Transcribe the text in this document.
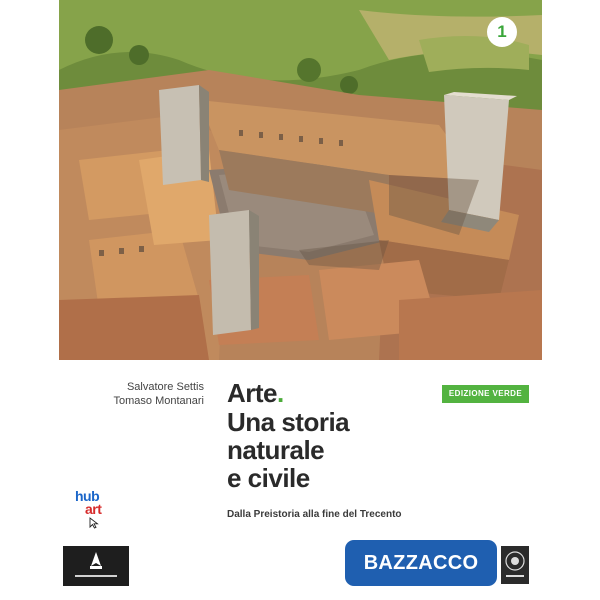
1
Salvatore Settis
Tomaso Montanari Arte.
Una storia
naturale
e civile
Dalla Preistoria alla fine del Trecento
EDIZIONE VERDE
hub
art
BAZZACCO
